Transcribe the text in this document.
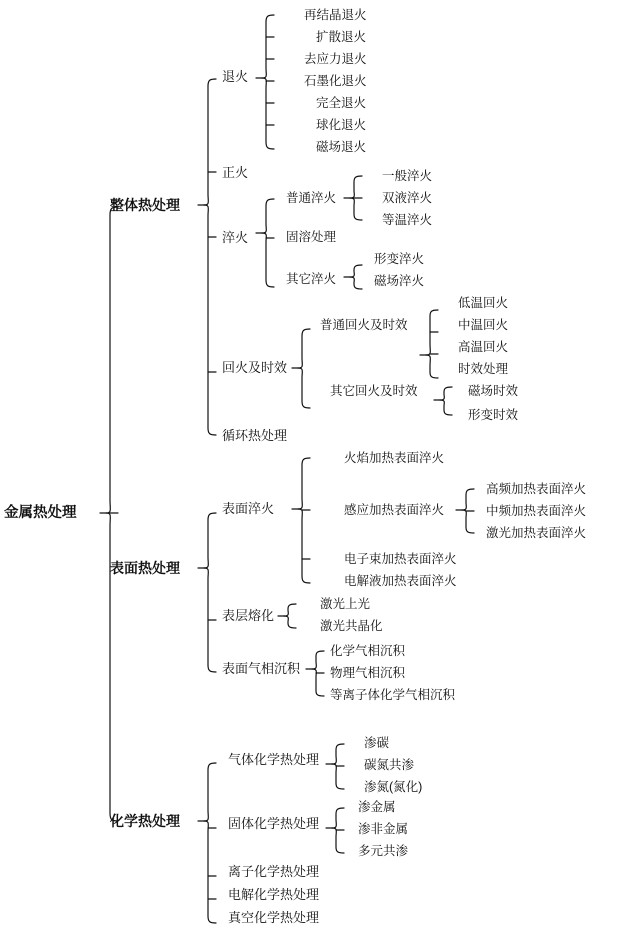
金属热处理
整体热处理
退火
再结晶退火
扩散退火
去应力退火
石墨化退火
完全退火
球化退火
磁场退火
正火
淬火
普通淬火
一般淬火
双液淬火
等温淬火
固溶处理
其它淬火
形变淬火
磁场淬火
回火及时效
普通回火及时效
低温回火
中温回火
高温回火
时效处理
其它回火及时效	磁场时效
形变时效
循环热处理
表面热处理
表面淬火
火焰加热表面淬火
感应加热表面淬火
高频加热表面淬火
中频加热表面淬火
激光加热表面淬火
电子束加热表面淬火
电解液加热表面淬火
表层熔化
激光上光
激光共晶化
表面气相沉积
化学气相沉积
物理气相沉积
等离子体化学气相沉积
化学热处理
气体化学热处理
渗碳
碳氮共渗
渗氮(氮化)
固体化学热处理
渗金属
渗非金属
多元共渗
离子化学热处理
电解化学热处理
真空化学热处理
